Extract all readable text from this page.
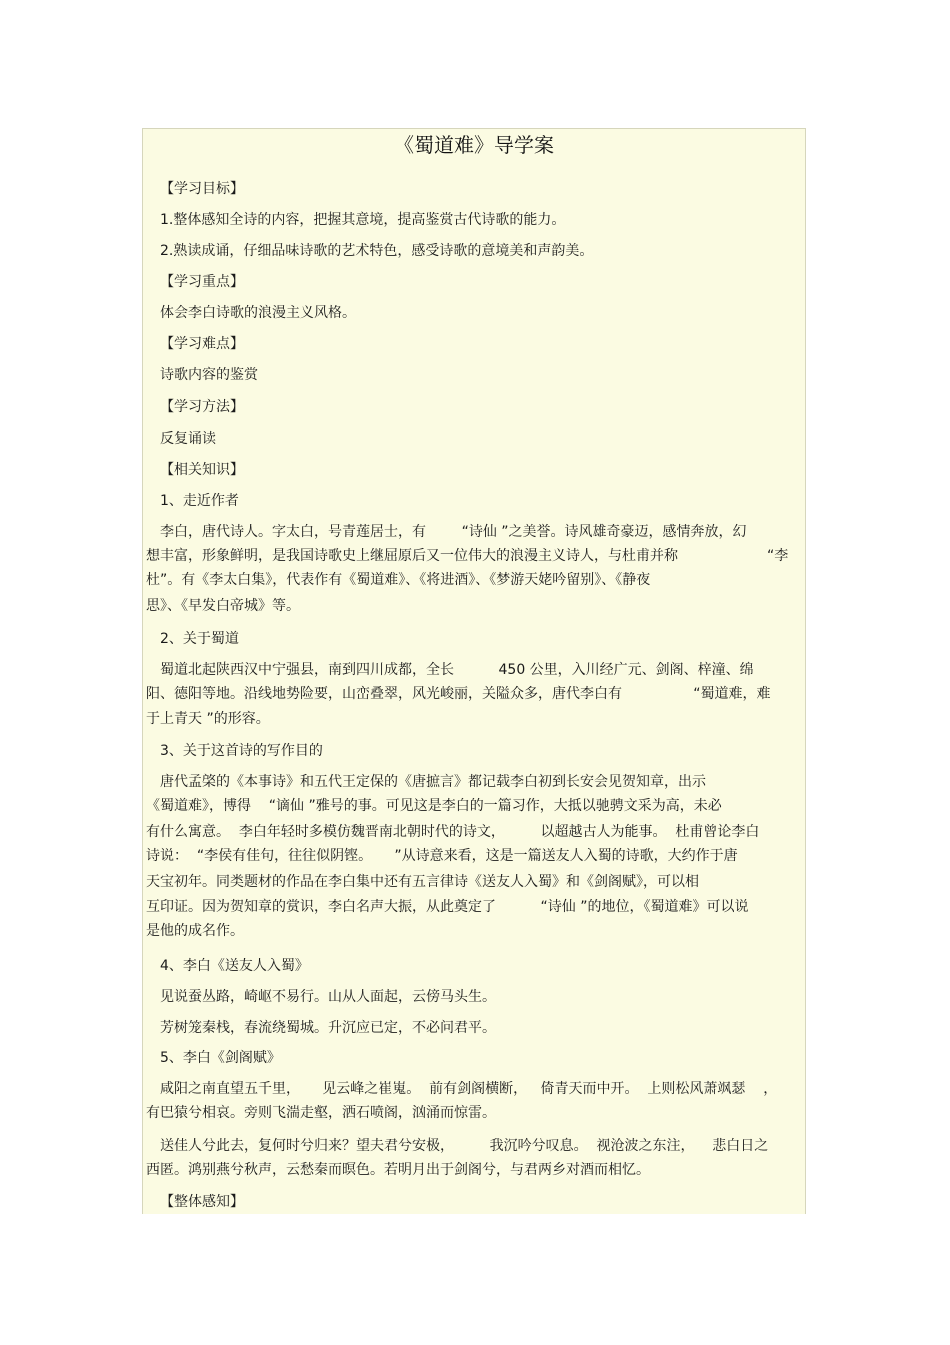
《蜀道难》导学案

【学习目标】

1.整体感知全诗的内容，把握其意境，提高鉴赏古代诗歌的能力。

2.熟读成诵，仔细品味诗歌的艺术特色，感受诗歌的意境美和声韵美。

【学习重点】

体会李白诗歌的浪漫主义风格。

【学习难点】

诗歌内容的鉴赏

【学习方法】

反复诵读

【相关知识】

1、走近作者

李白，唐代诗人。字太白，号青莲居士，有        “诗仙 ”之美誉。诗风雄奇豪迈，感情奔放，幻

想丰富，形象鲜明，是我国诗歌史上继屈原后又一位伟大的浪漫主义诗人，与杜甫并称                    “李

杜”。有《李太白集》，代表作有《蜀道难》、《将进酒》、《梦游天姥吟留别》、《静夜

思》、《早发白帝城》等。

2、关于蜀道

蜀道北起陕西汉中宁强县，南到四川成都，全长          450 公里，入川经广元、剑阁、梓潼、绵

阳、德阳等地。沿线地势险要，山峦叠翠，风光峻丽，关隘众多，唐代李白有                “蜀道难，难

于上青天 ”的形容。

3、关于这首诗的写作目的

唐代孟棨的《本事诗》和五代王定保的《唐摭言》都记载李白初到长安会见贺知章，出示

《蜀道难》，博得    “谪仙 ”雅号的事。可见这是李白的一篇习作，大抵以驰骋文采为高，未必

有什么寓意。  李白年轻时多模仿魏晋南北朝时代的诗文，        以超越古人为能事。  杜甫曾论李白

诗说：  “李侯有佳句，往往似阴铿。     ”从诗意来看，这是一篇送友人入蜀的诗歌，大约作于唐

天宝初年。同类题材的作品在李白集中还有五言律诗《送友人入蜀》和《剑阁赋》，可以相

互印证。因为贺知章的赏识，李白名声大振，从此奠定了          “诗仙 ”的地位，《蜀道难》可以说

是他的成名作。

4、李白《送友人入蜀》

见说蚕丛路，崎岖不易行。山从人面起，云傍马头生。

芳树笼秦栈，春流绕蜀城。升沉应已定，不必问君平。

5、李白《剑阁赋》

咸阳之南直望五千里，     见云峰之崔嵬。  前有剑阁横断，   倚青天而中开。  上则松风萧飒瑟    ，

有巴猿兮相哀。旁则飞湍走壑，洒石喷阁，汹涌而惊雷。

送佳人兮此去，复何时兮归来？望夫君兮安极，        我沉吟兮叹息。  视沧波之东注，    悲白日之

西匿。鸿别燕兮秋声，云愁秦而暝色。若明月出于剑阁兮，与君两乡对酒而相忆。

【整体感知】
